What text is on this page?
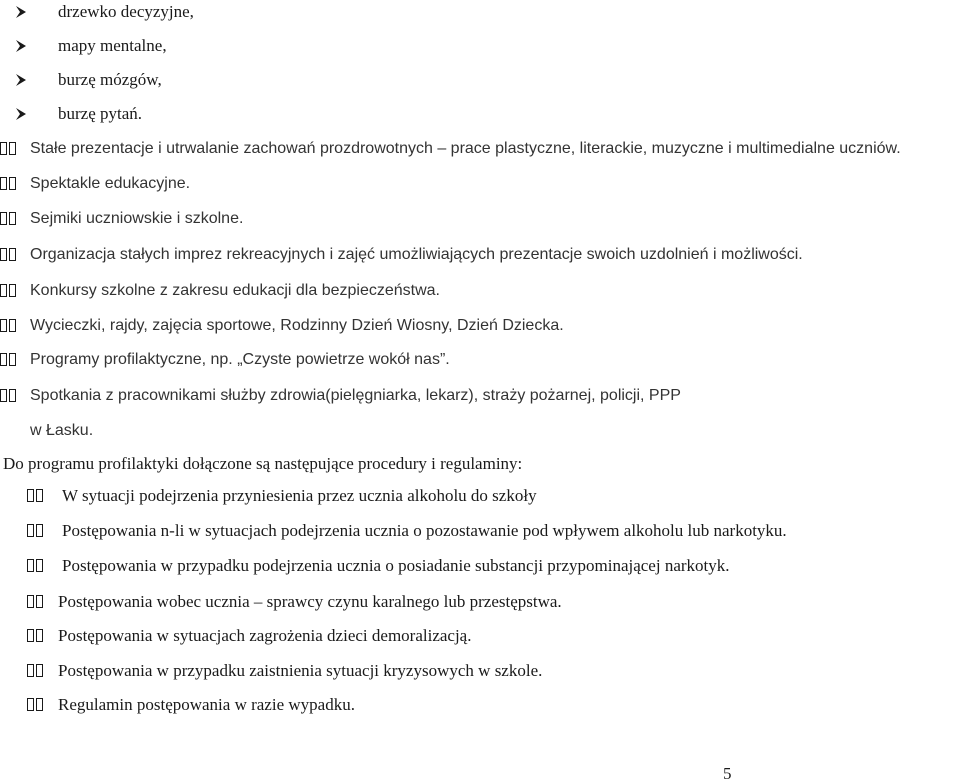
drzewko decyzyjne,
mapy mentalne,
burzę mózgów,
burzę pytań.
Stałe prezentacje i utrwalanie zachowań prozdrowotnych – prace plastyczne, literackie, muzyczne i multimedialne uczniów.
Spektakle edukacyjne.
Sejmiki uczniowskie i szkolne.
Organizacja stałych imprez rekreacyjnych i zajęć umożliwiających prezentacje swoich uzdolnień i możliwości.
Konkursy szkolne z zakresu edukacji dla bezpieczeństwa.
Wycieczki, rajdy, zajęcia sportowe, Rodzinny Dzień Wiosny, Dzień Dziecka.
Programy profilaktyczne, np. „Czyste powietrze wokół nas”.
Spotkania z pracownikami służby zdrowia(pielęgniarka, lekarz), straży pożarnej, policji, PPP
w Łasku.
Do programu profilaktyki dołączone są następujące procedury i regulaminy:
W sytuacji podejrzenia przyniesienia przez ucznia alkoholu do szkoły
Postępowania n-li w sytuacjach podejrzenia ucznia o pozostawanie pod wpływem alkoholu lub narkotyku.
Postępowania w przypadku podejrzenia ucznia o posiadanie substancji przypominającej narkotyk.
Postępowania wobec ucznia – sprawcy czynu karalnego lub przestępstwa.
Postępowania w sytuacjach zagrożenia dzieci demoralizacją.
Postępowania w przypadku zaistnienia sytuacji kryzysowych w szkole.
Regulamin postępowania w razie wypadku.
5
